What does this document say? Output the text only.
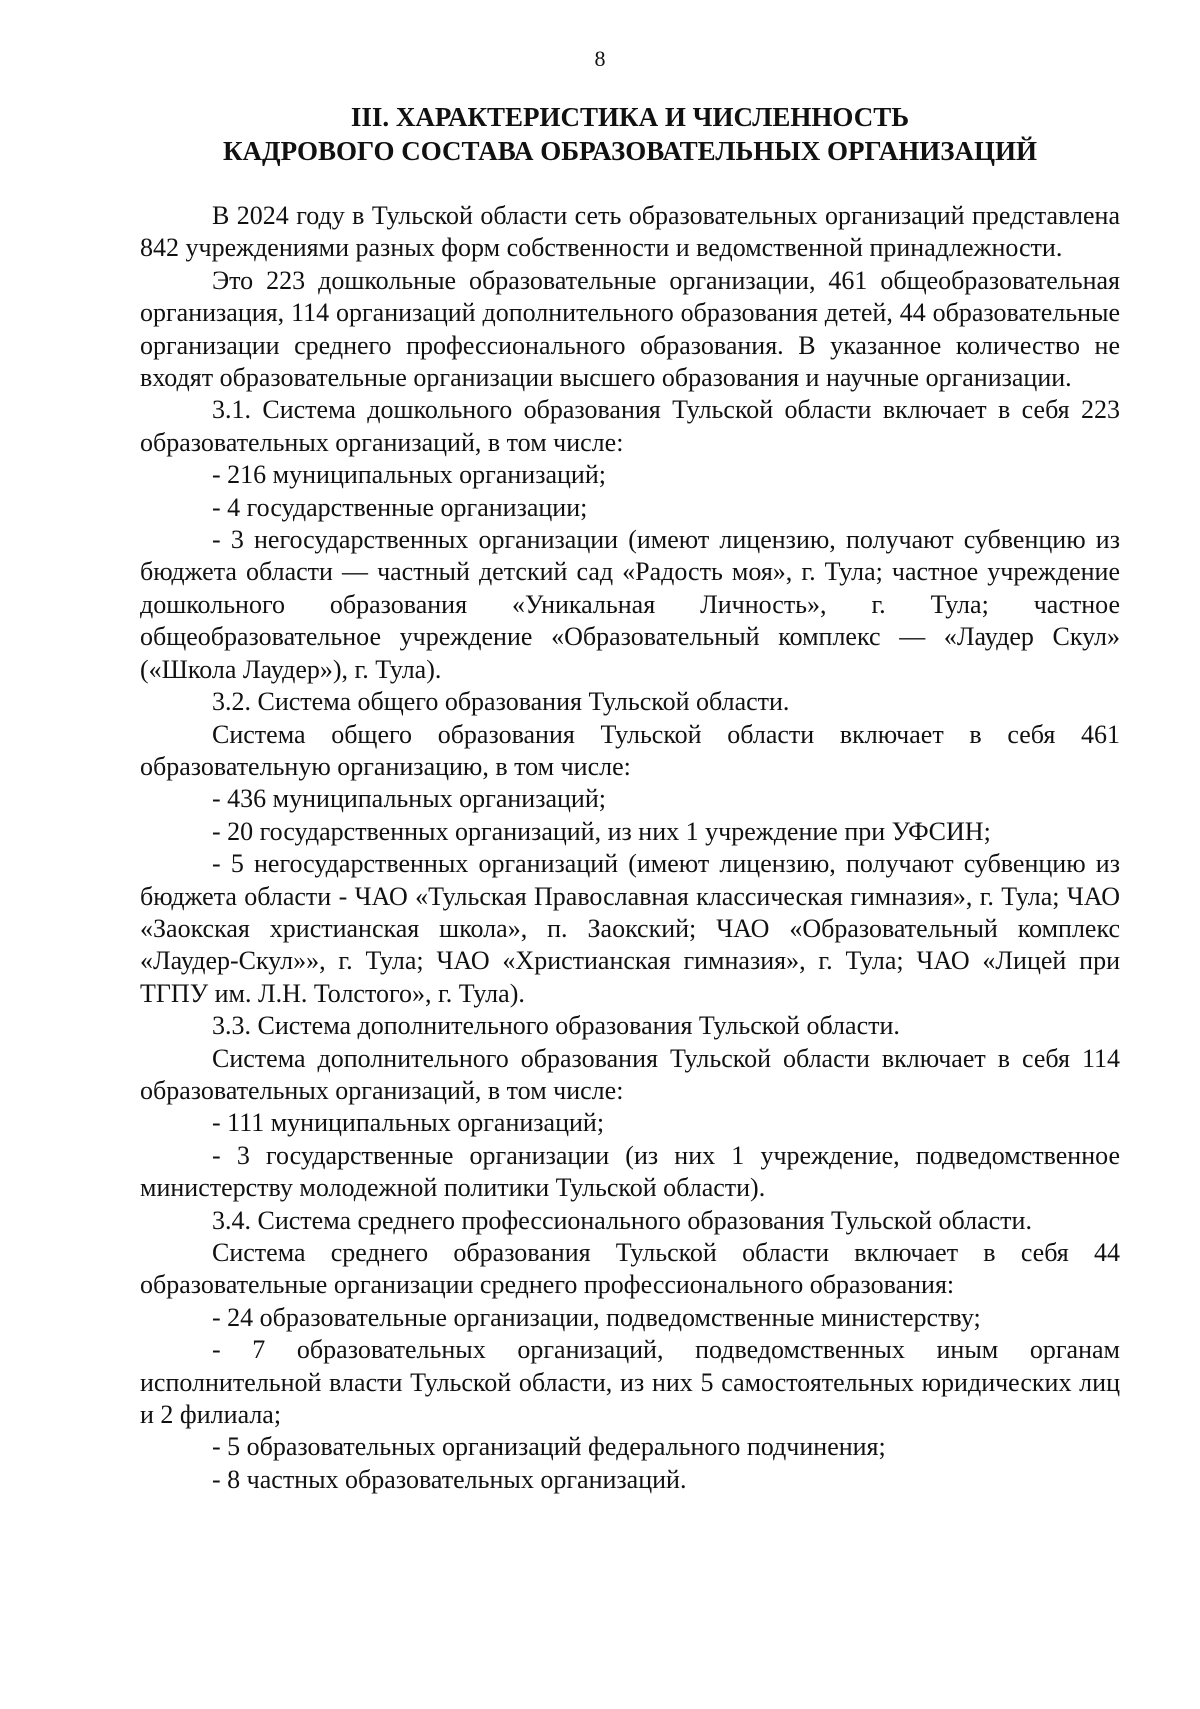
8
III. ХАРАКТЕРИСТИКА И ЧИСЛЕННОСТЬ
КАДРОВОГО СОСТАВА ОБРАЗОВАТЕЛЬНЫХ ОРГАНИЗАЦИЙ

В 2024 году в Тульской области сеть образовательных организаций представлена 842 учреждениями разных форм собственности и ведомственной принадлежности.

Это 223 дошкольные образовательные организации, 461 общеобразовательная организация, 114 организаций дополнительного образования детей, 44 образовательные организации среднего профессионального образования. В указанное количество не входят образовательные организации высшего образования и научные организации.

3.1. Система дошкольного образования Тульской области включает в себя 223 образовательных организаций, в том числе:

- 216 муниципальных организаций;

- 4 государственные организации;

- 3 негосударственных организации (имеют лицензию, получают субвенцию из бюджета области — частный детский сад «Радость моя», г. Тула; частное учреждение дошкольного образования «Уникальная Личность», г. Тула; частное общеобразовательное учреждение «Образовательный комплекс — «Лаудер Скул» («Школа Лаудер»), г. Тула).

3.2. Система общего образования Тульской области.

Система общего образования Тульской области включает в себя 461 образовательную организацию, в том числе:

- 436 муниципальных организаций;

- 20 государственных организаций, из них 1 учреждение при УФСИН;

- 5 негосударственных организаций (имеют лицензию, получают субвенцию из бюджета области - ЧАО «Тульская Православная классическая гимназия», г. Тула; ЧАО «Заокская христианская школа», п. Заокский; ЧАО «Образовательный комплекс «Лаудер-Скул»», г. Тула; ЧАО «Христианская гимназия», г. Тула; ЧАО «Лицей при ТГПУ им. Л.Н. Толстого», г. Тула).

3.3. Система дополнительного образования Тульской области.

Система дополнительного образования Тульской области включает в себя 114 образовательных организаций, в том числе:

- 111 муниципальных организаций;

- 3 государственные организации (из них 1 учреждение, подведомственное министерству молодежной политики Тульской области).

3.4. Система среднего профессионального образования Тульской области.

Система среднего образования Тульской области включает в себя 44 образовательные организации среднего профессионального образования:

- 24 образовательные организации, подведомственные министерству;

- 7 образовательных организаций, подведомственных иным органам исполнительной власти Тульской области, из них 5 самостоятельных юридических лиц и 2 филиала;

- 5 образовательных организаций федерального подчинения;

- 8 частных образовательных организаций.
